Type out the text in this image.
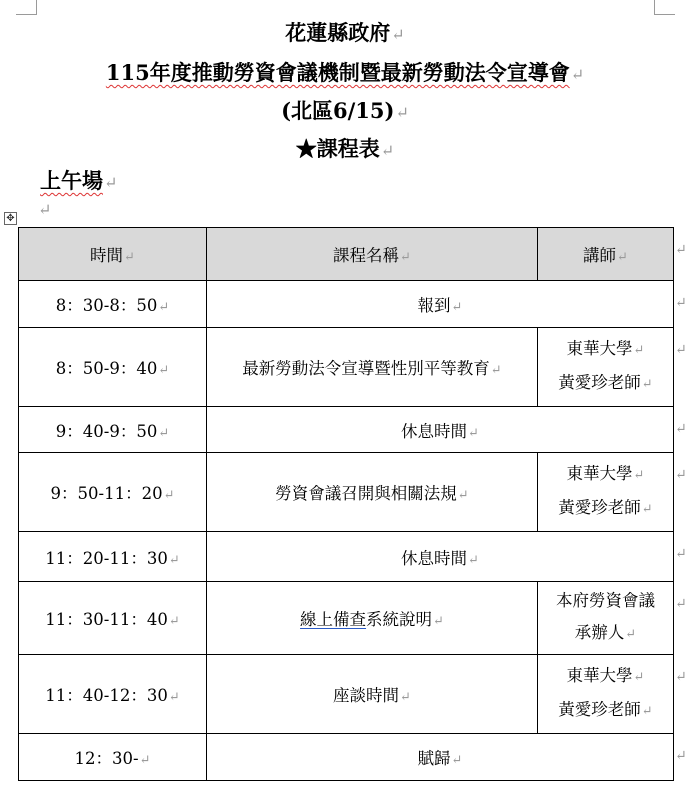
花蓮縣政府↵
115年度推動勞資會議機制暨最新勞動法令宣導會↵
(北區6/15)↵
★課程表↵
上午場↵
↵
✥
時間↵	課程名稱↵	講師↵
8：30-8：50↵	報到↵	
8：50-9：40↵	最新勞動法令宣導暨性別平等教育↵	東華大學↵
黃愛珍老師↵

9：40-9：50↵	休息時間↵	
9：50-11：20↵	勞資會議召開與相關法規↵	東華大學↵
黃愛珍老師↵

11：20-11：30↵	休息時間↵	
11：30-11：40↵	線上備查系統說明↵	本府勞資會議
承辦人↵

11：40-12：30↵	座談時間↵	東華大學↵
黃愛珍老師↵

12：30-↵	賦歸↵	
↵
↵
↵
↵
↵
↵
↵
↵
↵
